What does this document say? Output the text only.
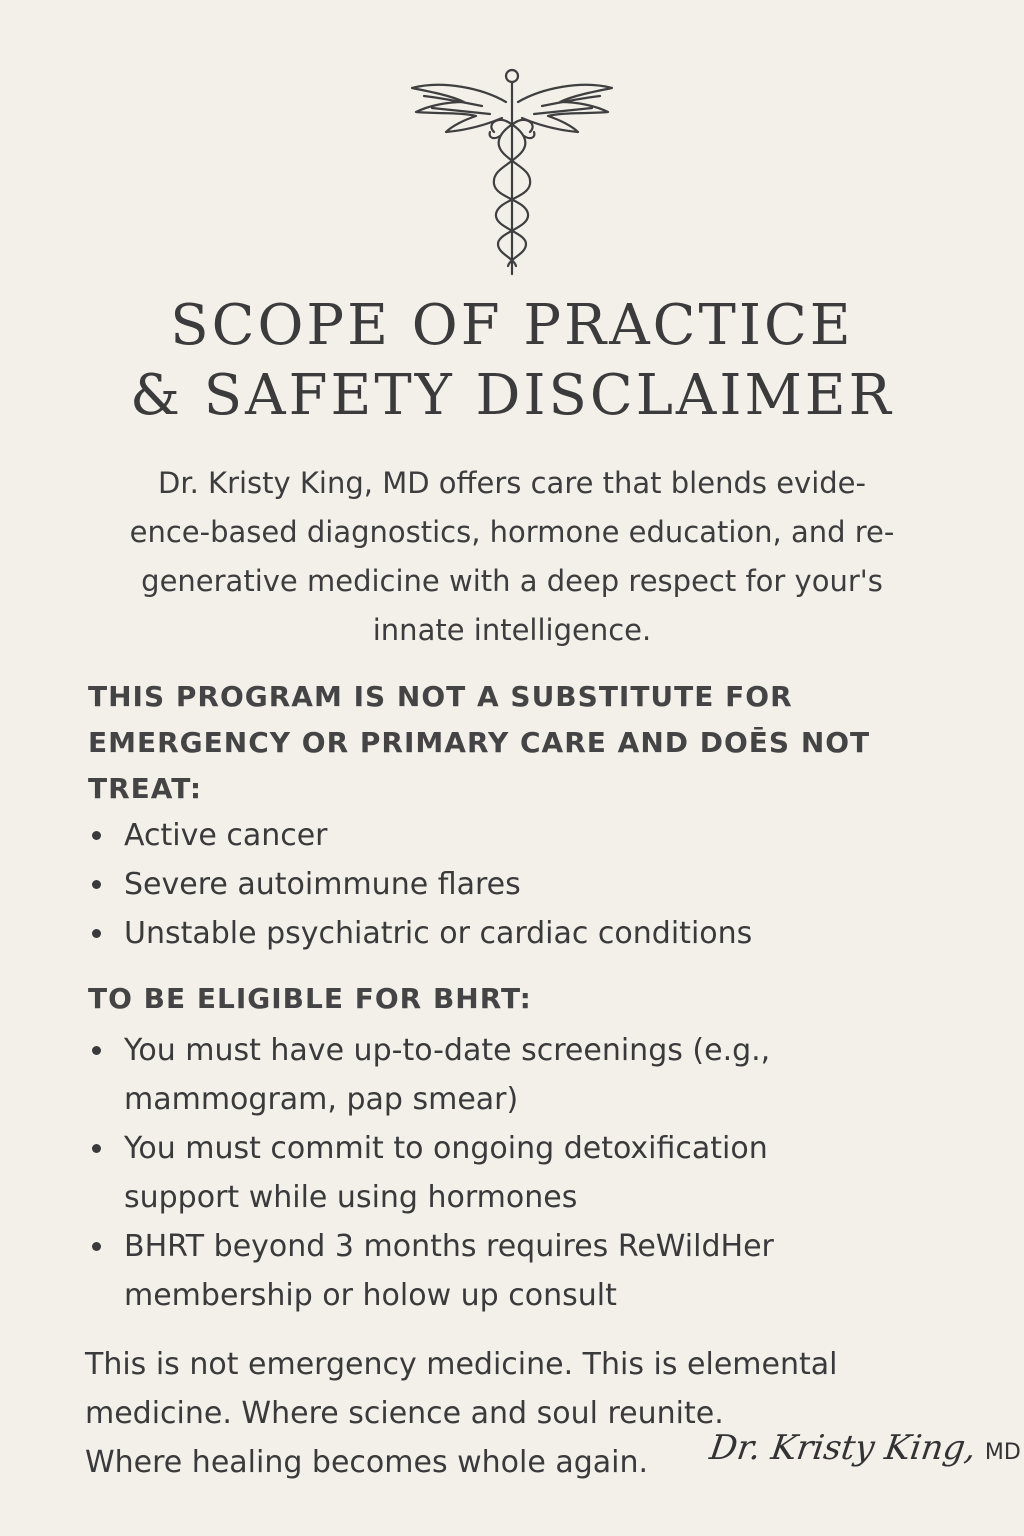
SCOPE OF PRACTICE
& SAFETY DISCLAIMER

Dr. Kristy King, MD offers care that blends evide-
ence-based diagnostics, hormone education, and re-
generative medicine with a deep respect for your's
innate intelligence.

THIS PROGRAM IS NOT A SUBSTITUTE FOR
EMERGENCY OR PRIMARY CARE AND DOĒS NOT
TREAT:
Active cancer
Severe autoimmune flares
Unstable psychiatric or cardiac conditions
TO BE ELIGIBLE FOR BHRT:
You must have up-to-date screenings (e.g.,
mammogram, pap smear)
You must commit to ongoing detoxification
support while using hormones
BHRT beyond 3 months requires ReWildHer
membership or holow up consult

This is not emergency medicine. This is elemental
medicine. Where science and soul reunite.
Where healing becomes whole again.	Dr. Kristy King, MD
